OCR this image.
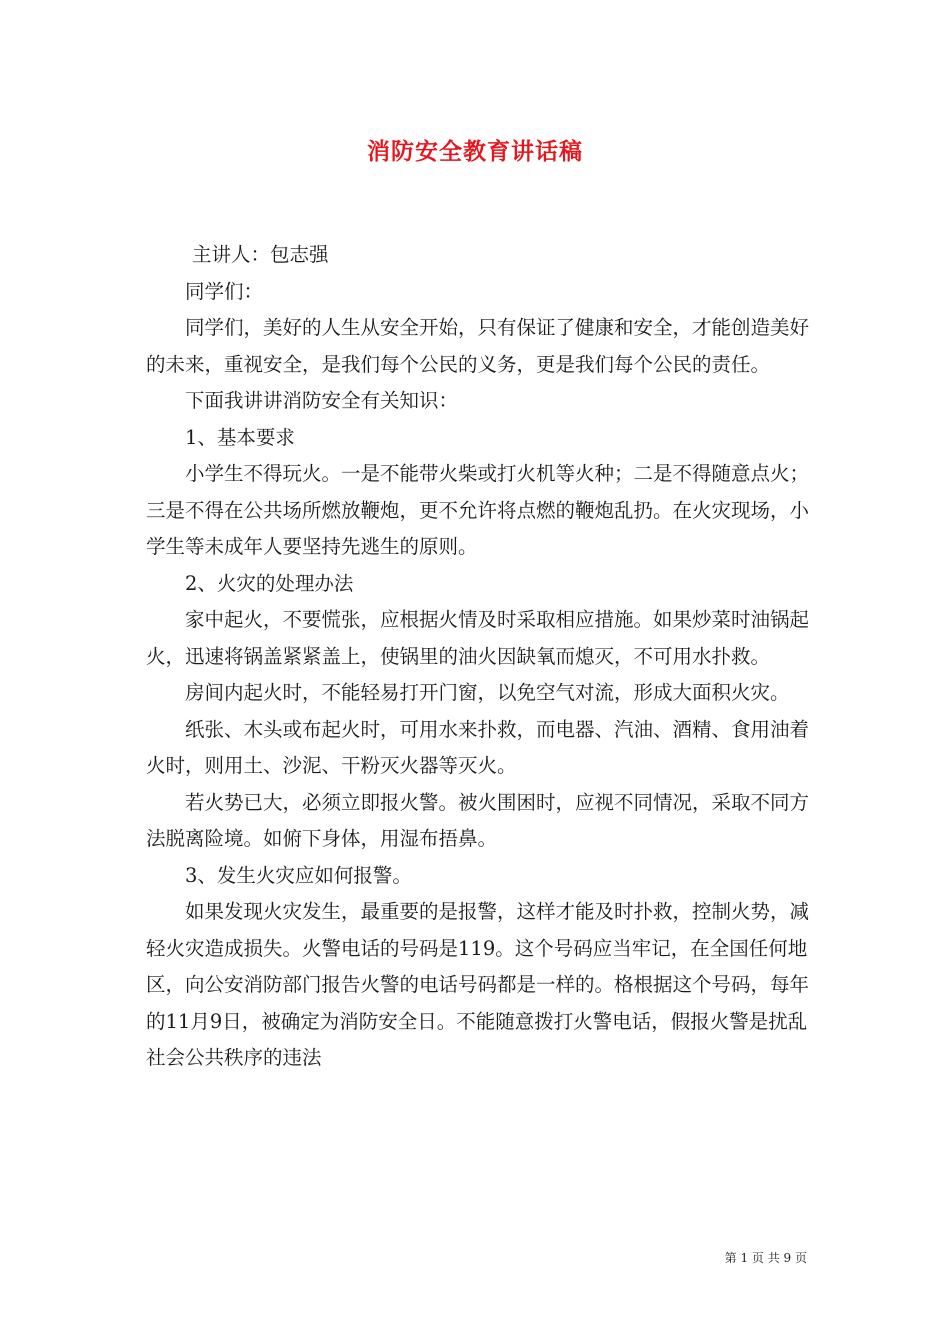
消防安全教育讲话稿

主讲人：包志强

同学们：

同学们，美好的人生从安全开始，只有保证了健康和安全，才能创造美好的未来，重视安全，是我们每个公民的义务，更是我们每个公民的责任。

下面我讲讲消防安全有关知识：

1、基本要求

小学生不得玩火。一是不能带火柴或打火机等火种；二是不得随意点火；三是不得在公共场所燃放鞭炮，更不允许将点燃的鞭炮乱扔。在火灾现场，小学生等未成年人要坚持先逃生的原则。

2、火灾的处理办法

家中起火，不要慌张，应根据火情及时采取相应措施。如果炒菜时油锅起火，迅速将锅盖紧紧盖上，使锅里的油火因缺氧而熄灭，不可用水扑救。

房间内起火时，不能轻易打开门窗，以免空气对流，形成大面积火灾。

纸张、木头或布起火时，可用水来扑救，而电器、汽油、酒精、食用油着火时，则用土、沙泥、干粉灭火器等灭火。

若火势已大，必须立即报火警。被火围困时，应视不同情况，采取不同方法脱离险境。如俯下身体，用湿布捂鼻。

3、发生火灾应如何报警。

如果发现火灾发生，最重要的是报警，这样才能及时扑救，控制火势，减轻火灾造成损失。火警电话的号码是119。这个号码应当牢记，在全国任何地区，向公安消防部门报告火警的电话号码都是一样的。格根据这个号码，每年的11月9日，被确定为消防安全日。不能随意拨打火警电话，假报火警是扰乱社会公共秩序的违法

第 1 页 共 9 页
